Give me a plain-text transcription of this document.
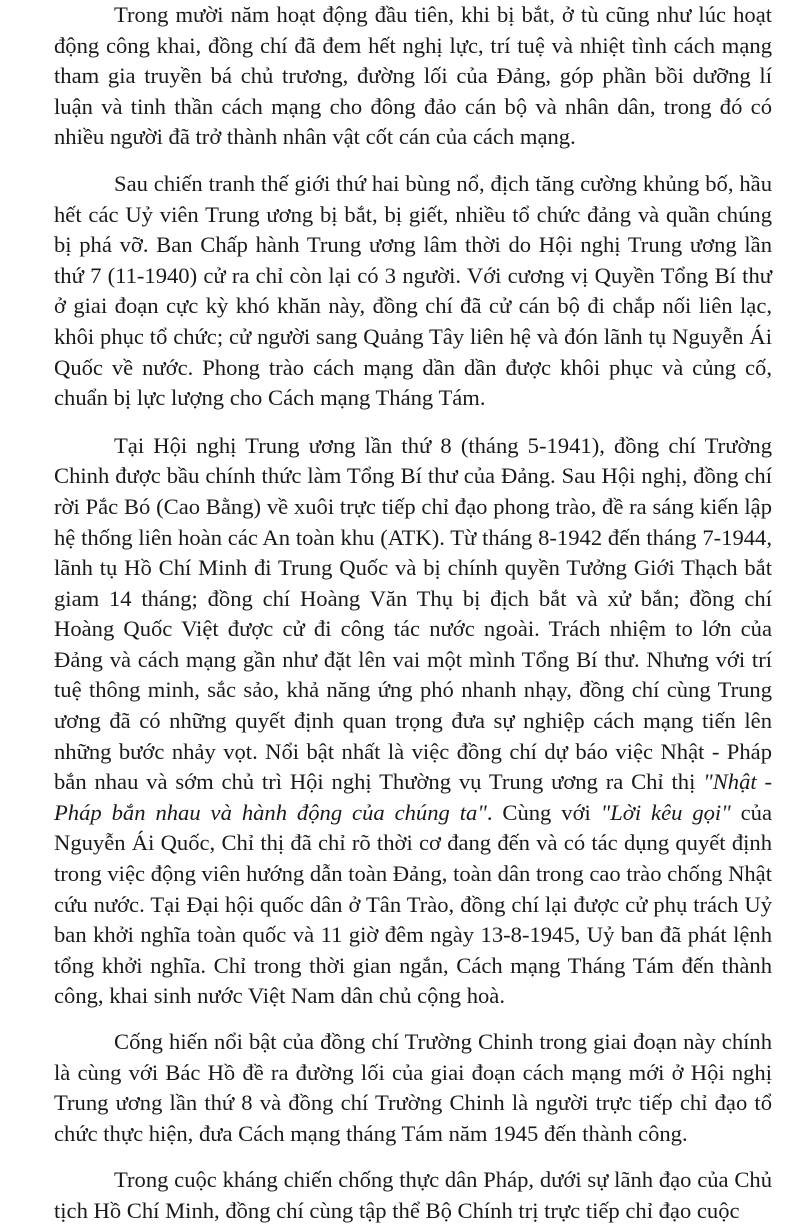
Trong mười năm hoạt động đầu tiên, khi bị bắt, ở tù cũng như lúc hoạt động công khai, đồng chí đã đem hết nghị lực, trí tuệ và nhiệt tình cách mạng tham gia truyền bá chủ trương, đường lối của Đảng, góp phần bồi dưỡng lí luận và tinh thần cách mạng cho đông đảo cán bộ và nhân dân, trong đó có nhiều người đã trở thành nhân vật cốt cán của cách mạng.

Sau chiến tranh thế giới thứ hai bùng nổ, địch tăng cường khủng bố, hầu hết các Uỷ viên Trung ương bị bắt, bị giết, nhiều tổ chức đảng và quần chúng bị phá vỡ. Ban Chấp hành Trung ương lâm thời do Hội nghị Trung ương lần thứ 7 (11-1940) cử ra chỉ còn lại có 3 người. Với cương vị Quyền Tổng Bí thư ở giai đoạn cực kỳ khó khăn này, đồng chí đã cử cán bộ đi chắp nối liên lạc, khôi phục tổ chức; cử người sang Quảng Tây liên hệ và đón lãnh tụ Nguyễn Ái Quốc về nước. Phong trào cách mạng dần dần được khôi phục và củng cố, chuẩn bị lực lượng cho Cách mạng Tháng Tám.

Tại Hội nghị Trung ương lần thứ 8 (tháng 5-1941), đồng chí Trường Chinh được bầu chính thức làm Tổng Bí thư của Đảng. Sau Hội nghị, đồng chí rời Pắc Bó (Cao Bằng) về xuôi trực tiếp chỉ đạo phong trào, đề ra sáng kiến lập hệ thống liên hoàn các An toàn khu (ATK). Từ tháng 8-1942 đến tháng 7-1944, lãnh tụ Hồ Chí Minh đi Trung Quốc và bị chính quyền Tưởng Giới Thạch bắt giam 14 tháng; đồng chí Hoàng Văn Thụ bị địch bắt và xử bắn; đồng chí Hoàng Quốc Việt được cử đi công tác nước ngoài. Trách nhiệm to lớn của Đảng và cách mạng gần như đặt lên vai một mình Tổng Bí thư. Nhưng với trí tuệ thông minh, sắc sảo, khả năng ứng phó nhanh nhạy, đồng chí cùng Trung ương đã có những quyết định quan trọng đưa sự nghiệp cách mạng tiến lên những bước nhảy vọt. Nổi bật nhất là việc đồng chí dự báo việc Nhật - Pháp bắn nhau và sớm chủ trì Hội nghị Thường vụ Trung ương ra Chỉ thị "Nhật - Pháp bắn nhau và hành động của chúng ta". Cùng với "Lời kêu gọi" của Nguyễn Ái Quốc, Chỉ thị đã chỉ rõ thời cơ đang đến và có tác dụng quyết định trong việc động viên hướng dẫn toàn Đảng, toàn dân trong cao trào chống Nhật cứu nước. Tại Đại hội quốc dân ở Tân Trào, đồng chí lại được cử phụ trách Uỷ ban khởi nghĩa toàn quốc và 11 giờ đêm ngày 13-8-1945, Uỷ ban đã phát lệnh tổng khởi nghĩa. Chỉ trong thời gian ngắn, Cách mạng Tháng Tám đến thành công, khai sinh nước Việt Nam dân chủ cộng hoà.

Cống hiến nổi bật của đồng chí Trường Chinh trong giai đoạn này chính là cùng với Bác Hồ đề ra đường lối của giai đoạn cách mạng mới ở Hội nghị Trung ương lần thứ 8 và đồng chí Trường Chinh là người trực tiếp chỉ đạo tổ chức thực hiện, đưa Cách mạng tháng Tám năm 1945 đến thành công.

Trong cuộc kháng chiến chống thực dân Pháp, dưới sự lãnh đạo của Chủ tịch Hồ Chí Minh, đồng chí cùng tập thể Bộ Chính trị trực tiếp chỉ đạo cuộc
